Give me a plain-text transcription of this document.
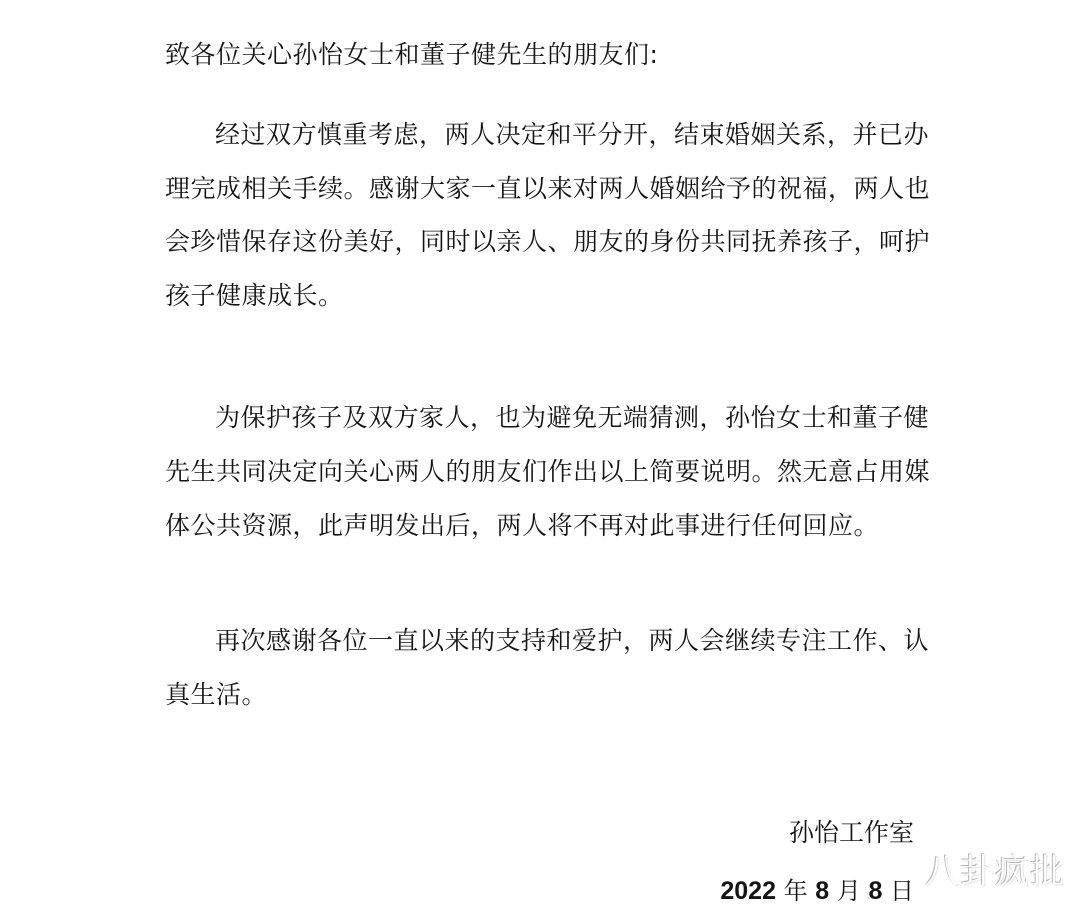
致各位关心孙怡女士和董子健先生的朋友们:
经过双方慎重考虑，两人决定和平分开，结束婚姻关系，并已办
理完成相关手续。感谢大家一直以来对两人婚姻给予的祝福，两人也
会珍惜保存这份美好，同时以亲人、朋友的身份共同抚养孩子，呵护
孩子健康成长。
为保护孩子及双方家人，也为避免无端猜测，孙怡女士和董子健
先生共同决定向关心两人的朋友们作出以上简要说明。然无意占用媒
体公共资源，此声明发出后，两人将不再对此事进行任何回应。
再次感谢各位一直以来的支持和爱护，两人会继续专注工作、认
真生活。
孙怡工作室
2022 年 8 月 8 日 八卦疯批
